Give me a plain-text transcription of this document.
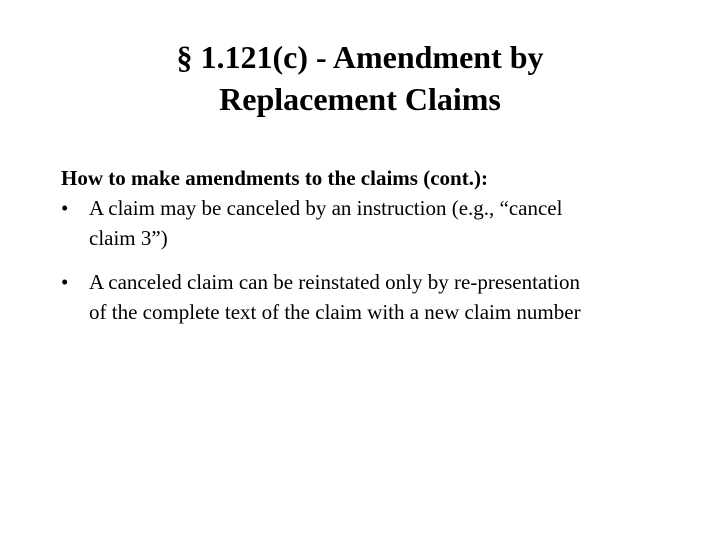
§ 1.121(c) - Amendment by
Replacement Claims

How to make amendments to the claims (cont.):

• A claim may be canceled by an instruction (e.g., “cancel
claim 3”)
• A canceled claim can be reinstated only by re-presentation
of the complete text of the claim with a new claim number
